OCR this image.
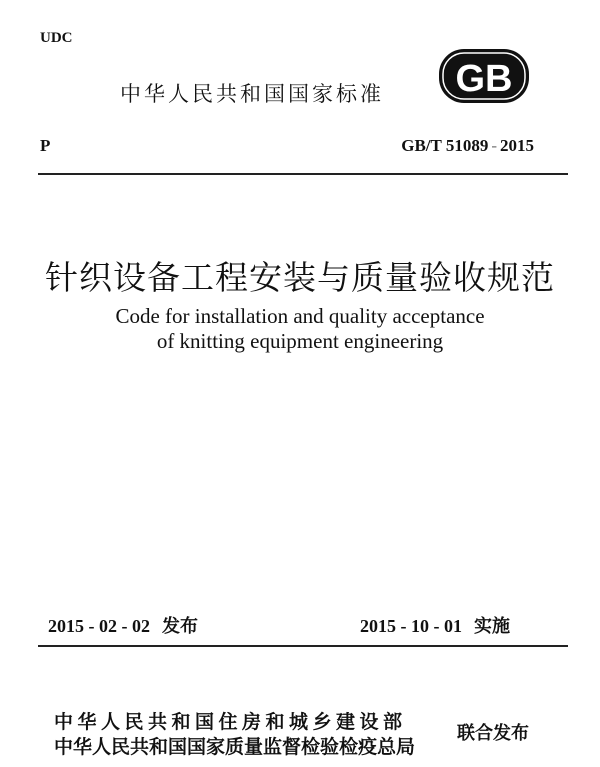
UDC
中华人民共和国国家标准 GB
P	GB/T 51089 - 2015
针织设备工程安装与质量验收规范
Code for installation and quality acceptance
of knitting equipment engineering
2015 - 02 - 02 发布	2015 - 10 - 01 实施
中华人民共和国住房和城乡建设部
中华人民共和国国家质量监督检验检疫总局
联合发布
